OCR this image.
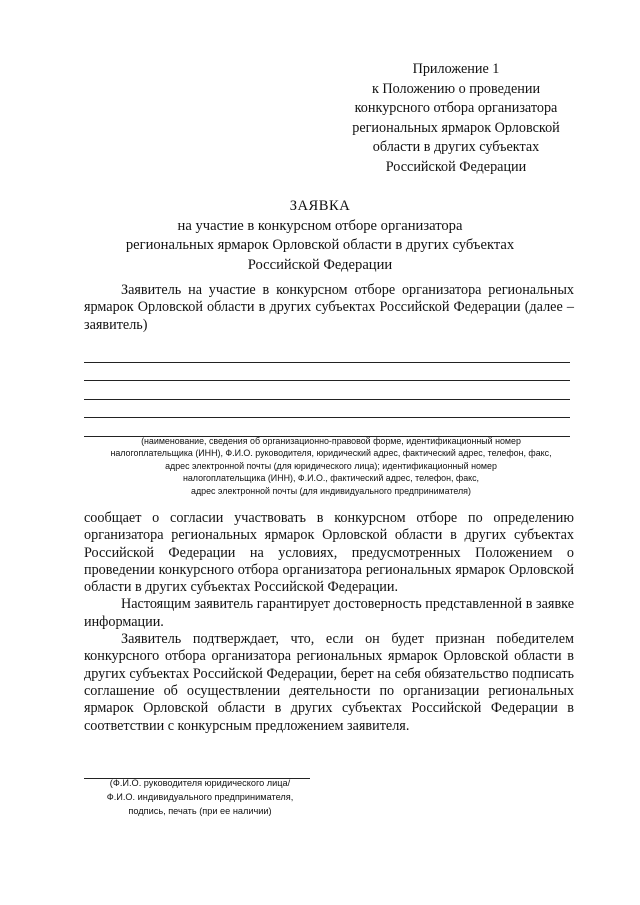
Приложение 1
к Положению о проведении
конкурсного отбора организатора
региональных ярмарок Орловской
области в других субъектах
Российской Федерации
ЗАЯВКА
на участие в конкурсном отборе организатора
региональных ярмарок Орловской области в других субъектах
Российской Федерации
Заявитель на участие в конкурсном отборе организатора региональных ярмарок Орловской области в других субъектах Российской Федерации (далее – заявитель)
(наименование, сведения об организационно-правовой форме, идентификационный номер
налогоплательщика (ИНН), Ф.И.О. руководителя, юридический адрес, фактический адрес, телефон, факс,
адрес электронной почты (для юридического лица); идентификационный номер
налогоплательщика (ИНН), Ф.И.О., фактический адрес, телефон, факс,
адрес электронной почты (для индивидуального предпринимателя)

сообщает о согласии участвовать в конкурсном отборе по определению организатора региональных ярмарок Орловской области в других субъектах Российской Федерации на условиях, предусмотренных Положением о проведении конкурсного отбора организатора региональных ярмарок Орловской области в других субъектах Российской Федерации.

Настоящим заявитель гарантирует достоверность представленной в заявке информации.

Заявитель подтверждает, что, если он будет признан победителем конкурсного отбора организатора региональных ярмарок Орловской области в других субъектах Российской Федерации, берет на себя обязательство подписать соглашение об осуществлении деятельности по организации региональных ярмарок Орловской области в других субъектах Российской Федерации в соответствии с конкурсным предложением заявителя.

(Ф.И.О. руководителя юридического лица/
Ф.И.О. индивидуального предпринимателя,
подпись, печать (при ее наличии)
